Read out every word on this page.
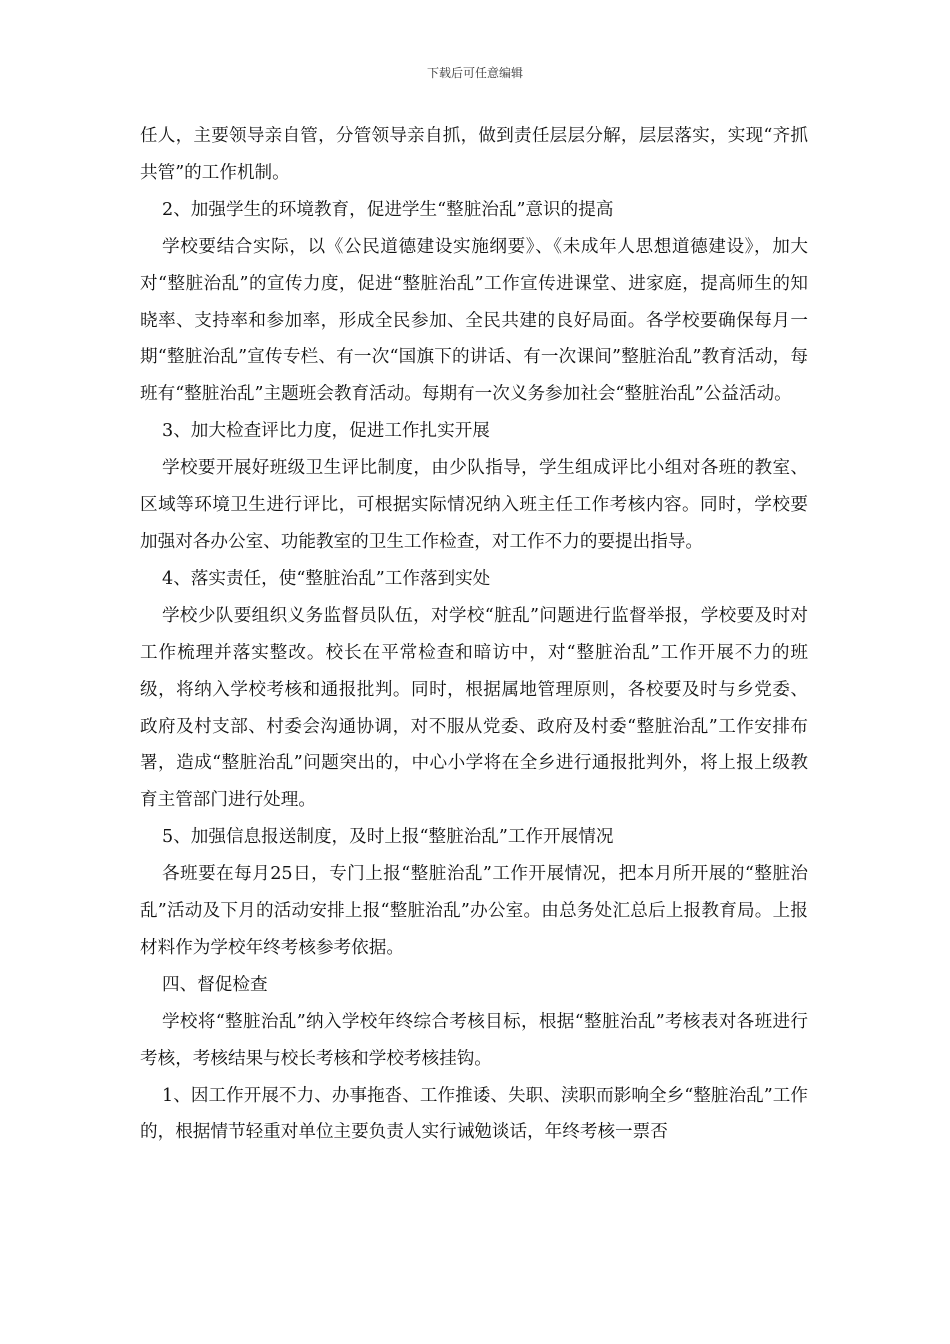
下载后可任意编辑

任人，主要领导亲自管，分管领导亲自抓，做到责任层层分解，层层落实，实现“齐抓共管”的工作机制。

2、加强学生的环境教育，促进学生“整脏治乱”意识的提高

学校要结合实际，以《公民道德建设实施纲要》、《未成年人思想道德建设》，加大对“整脏治乱”的宣传力度，促进“整脏治乱”工作宣传进课堂、进家庭，提高师生的知晓率、支持率和参加率，形成全民参加、全民共建的良好局面。各学校要确保每月一期“整脏治乱”宣传专栏、有一次“国旗下的讲话、有一次课间”整脏治乱”教育活动，每班有“整脏治乱”主题班会教育活动。每期有一次义务参加社会“整脏治乱”公益活动。

3、加大检查评比力度，促进工作扎实开展

学校要开展好班级卫生评比制度，由少队指导，学生组成评比小组对各班的教室、区域等环境卫生进行评比，可根据实际情况纳入班主任工作考核内容。同时，学校要加强对各办公室、功能教室的卫生工作检查，对工作不力的要提出指导。

4、落实责任，使“整脏治乱”工作落到实处

学校少队要组织义务监督员队伍，对学校“脏乱”问题进行监督举报，学校要及时对工作梳理并落实整改。校长在平常检查和暗访中，对“整脏治乱”工作开展不力的班级，将纳入学校考核和通报批判。同时，根据属地管理原则，各校要及时与乡党委、政府及村支部、村委会沟通协调，对不服从党委、政府及村委“整脏治乱”工作安排布署，造成“整脏治乱”问题突出的，中心小学将在全乡进行通报批判外，将上报上级教育主管部门进行处理。

5、加强信息报送制度，及时上报“整脏治乱”工作开展情况

各班要在每月25日，专门上报“整脏治乱”工作开展情况，把本月所开展的“整脏治乱”活动及下月的活动安排上报“整脏治乱”办公室。由总务处汇总后上报教育局。上报材料作为学校年终考核参考依据。

四、督促检查

学校将“整脏治乱”纳入学校年终综合考核目标，根据“整脏治乱”考核表对各班进行考核，考核结果与校长考核和学校考核挂钩。

1、因工作开展不力、办事拖沓、工作推诿、失职、渎职而影响全乡“整脏治乱”工作的，根据情节轻重对单位主要负责人实行诫勉谈话，年终考核一票否
